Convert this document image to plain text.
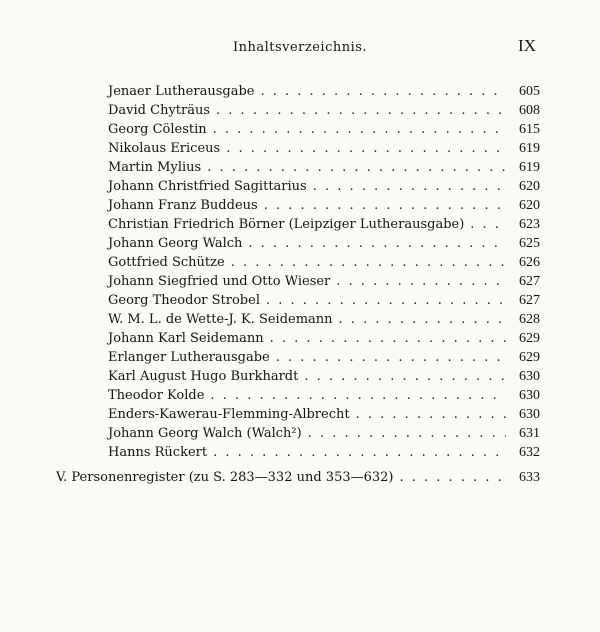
Inhaltsverzeichnis.	IX
Jenaer Lutherausgabe . . .	605
David Chyträus . . .	608
Georg Cölestin . . .	615
Nikolaus Ericeus . . .	619
Martin Mylius . . .	619
Johann Christfried Sagittarius . . .	620
Johann Franz Buddeus . . .	620
Christian Friedrich Börner (Leipziger Lutherausgabe) . . .	623
Johann Georg Walch . . .	625
Gottfried Schütze . . .	626
Johann Siegfried und Otto Wieser . . .	627
Georg Theodor Strobel . . .	627
W. M. L. de Wette-J. K. Seidemann . . .	628
Johann Karl Seidemann . . .	629
Erlanger Lutherausgabe . . .	629
Karl August Hugo Burkhardt . . .	630
Theodor Kolde . . .	630
Enders-Kawerau-Flemming-Albrecht . . .	630
Johann Georg Walch (Walch²) . . .	631
Hanns Rückert . . .	632
V. Personenregister (zu S. 283—332 und 353—632) . . .	633
